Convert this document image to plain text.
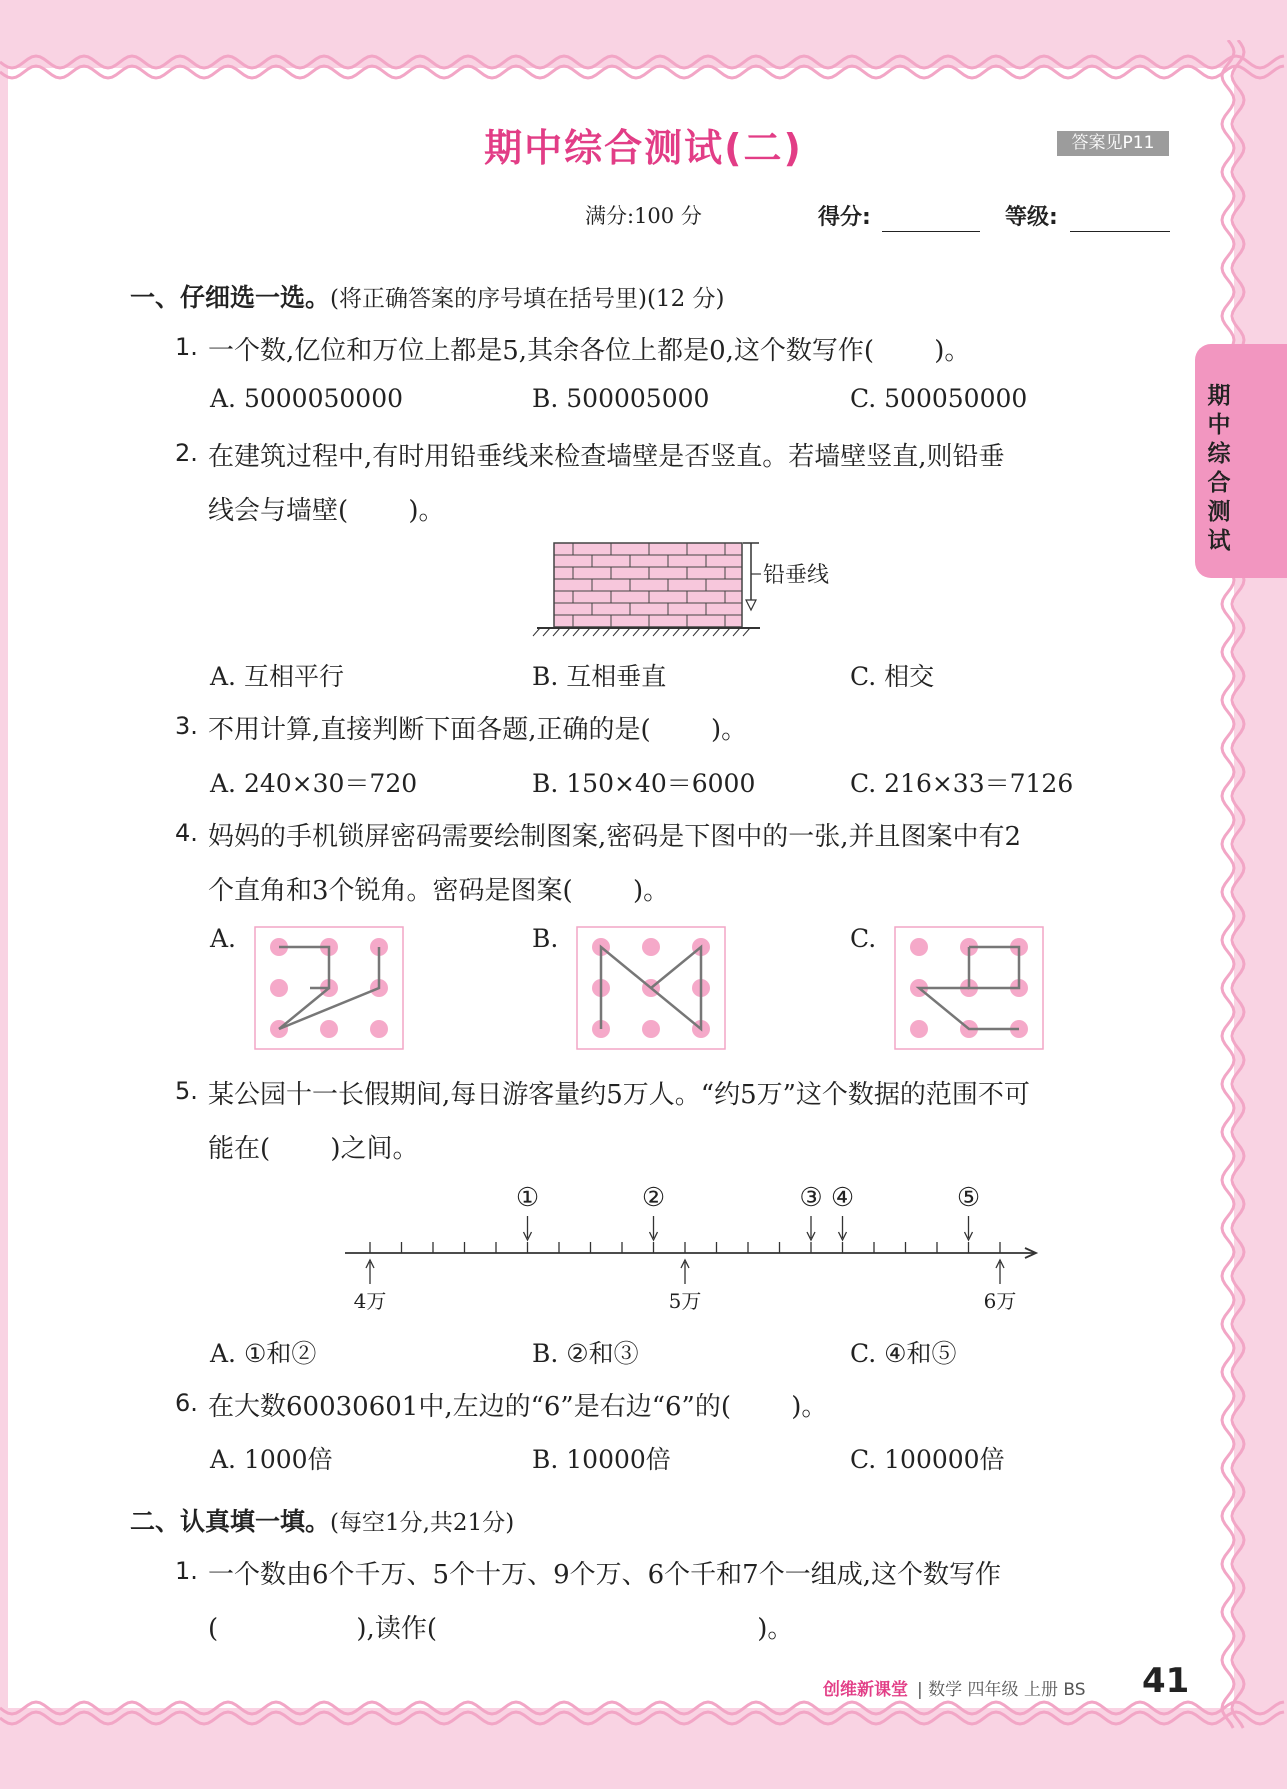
期中综合测试(二)	答案见P11
满分:100 分	得分:	等级:
期中综合测试
一、仔细选一选。(将正确答案的序号填在括号里)(12 分)
1. 一个数,亿位和万位上都是5,其余各位上都是0,这个数写作(　　 )。
A. 5000050000	B. 500005000	C. 500050000
2. 在建筑过程中,有时用铅垂线来检查墙壁是否竖直。若墙壁竖直,则铅垂
线会与墙壁(　　 )。
铅垂线
A. 互相平行	B. 互相垂直	C. 相交
3. 不用计算,直接判断下面各题,正确的是(　　 )。
A. 240×30＝720	B. 150×40＝6000	C. 216×33＝7126
4. 妈妈的手机锁屏密码需要绘制图案,密码是下图中的一张,并且图案中有2
个直角和3个锐角。密码是图案(　　 )。
A.	B.	C.
5. 某公园十一长假期间,每日游客量约5万人。“约5万”这个数据的范围不可
能在(　　 )之间。
①	②	③ ④	⑤
4万	5万	6万
A. ①和②	B. ②和③	C. ④和⑤
6. 在大数60030601中,左边的“6”是右边“6”的(　　 )。
A. 1000倍	B. 10000倍	C. 100000倍
二、认真填一填。(每空1分,共21分)
1. 一个数由6个千万、5个十万、9个万、6个千和7个一组成,这个数写作
(　　　　　 ),读作(　　　　　　　　　　　　 )。
创维新课堂 | 数学 四年级 上册 BS 41
